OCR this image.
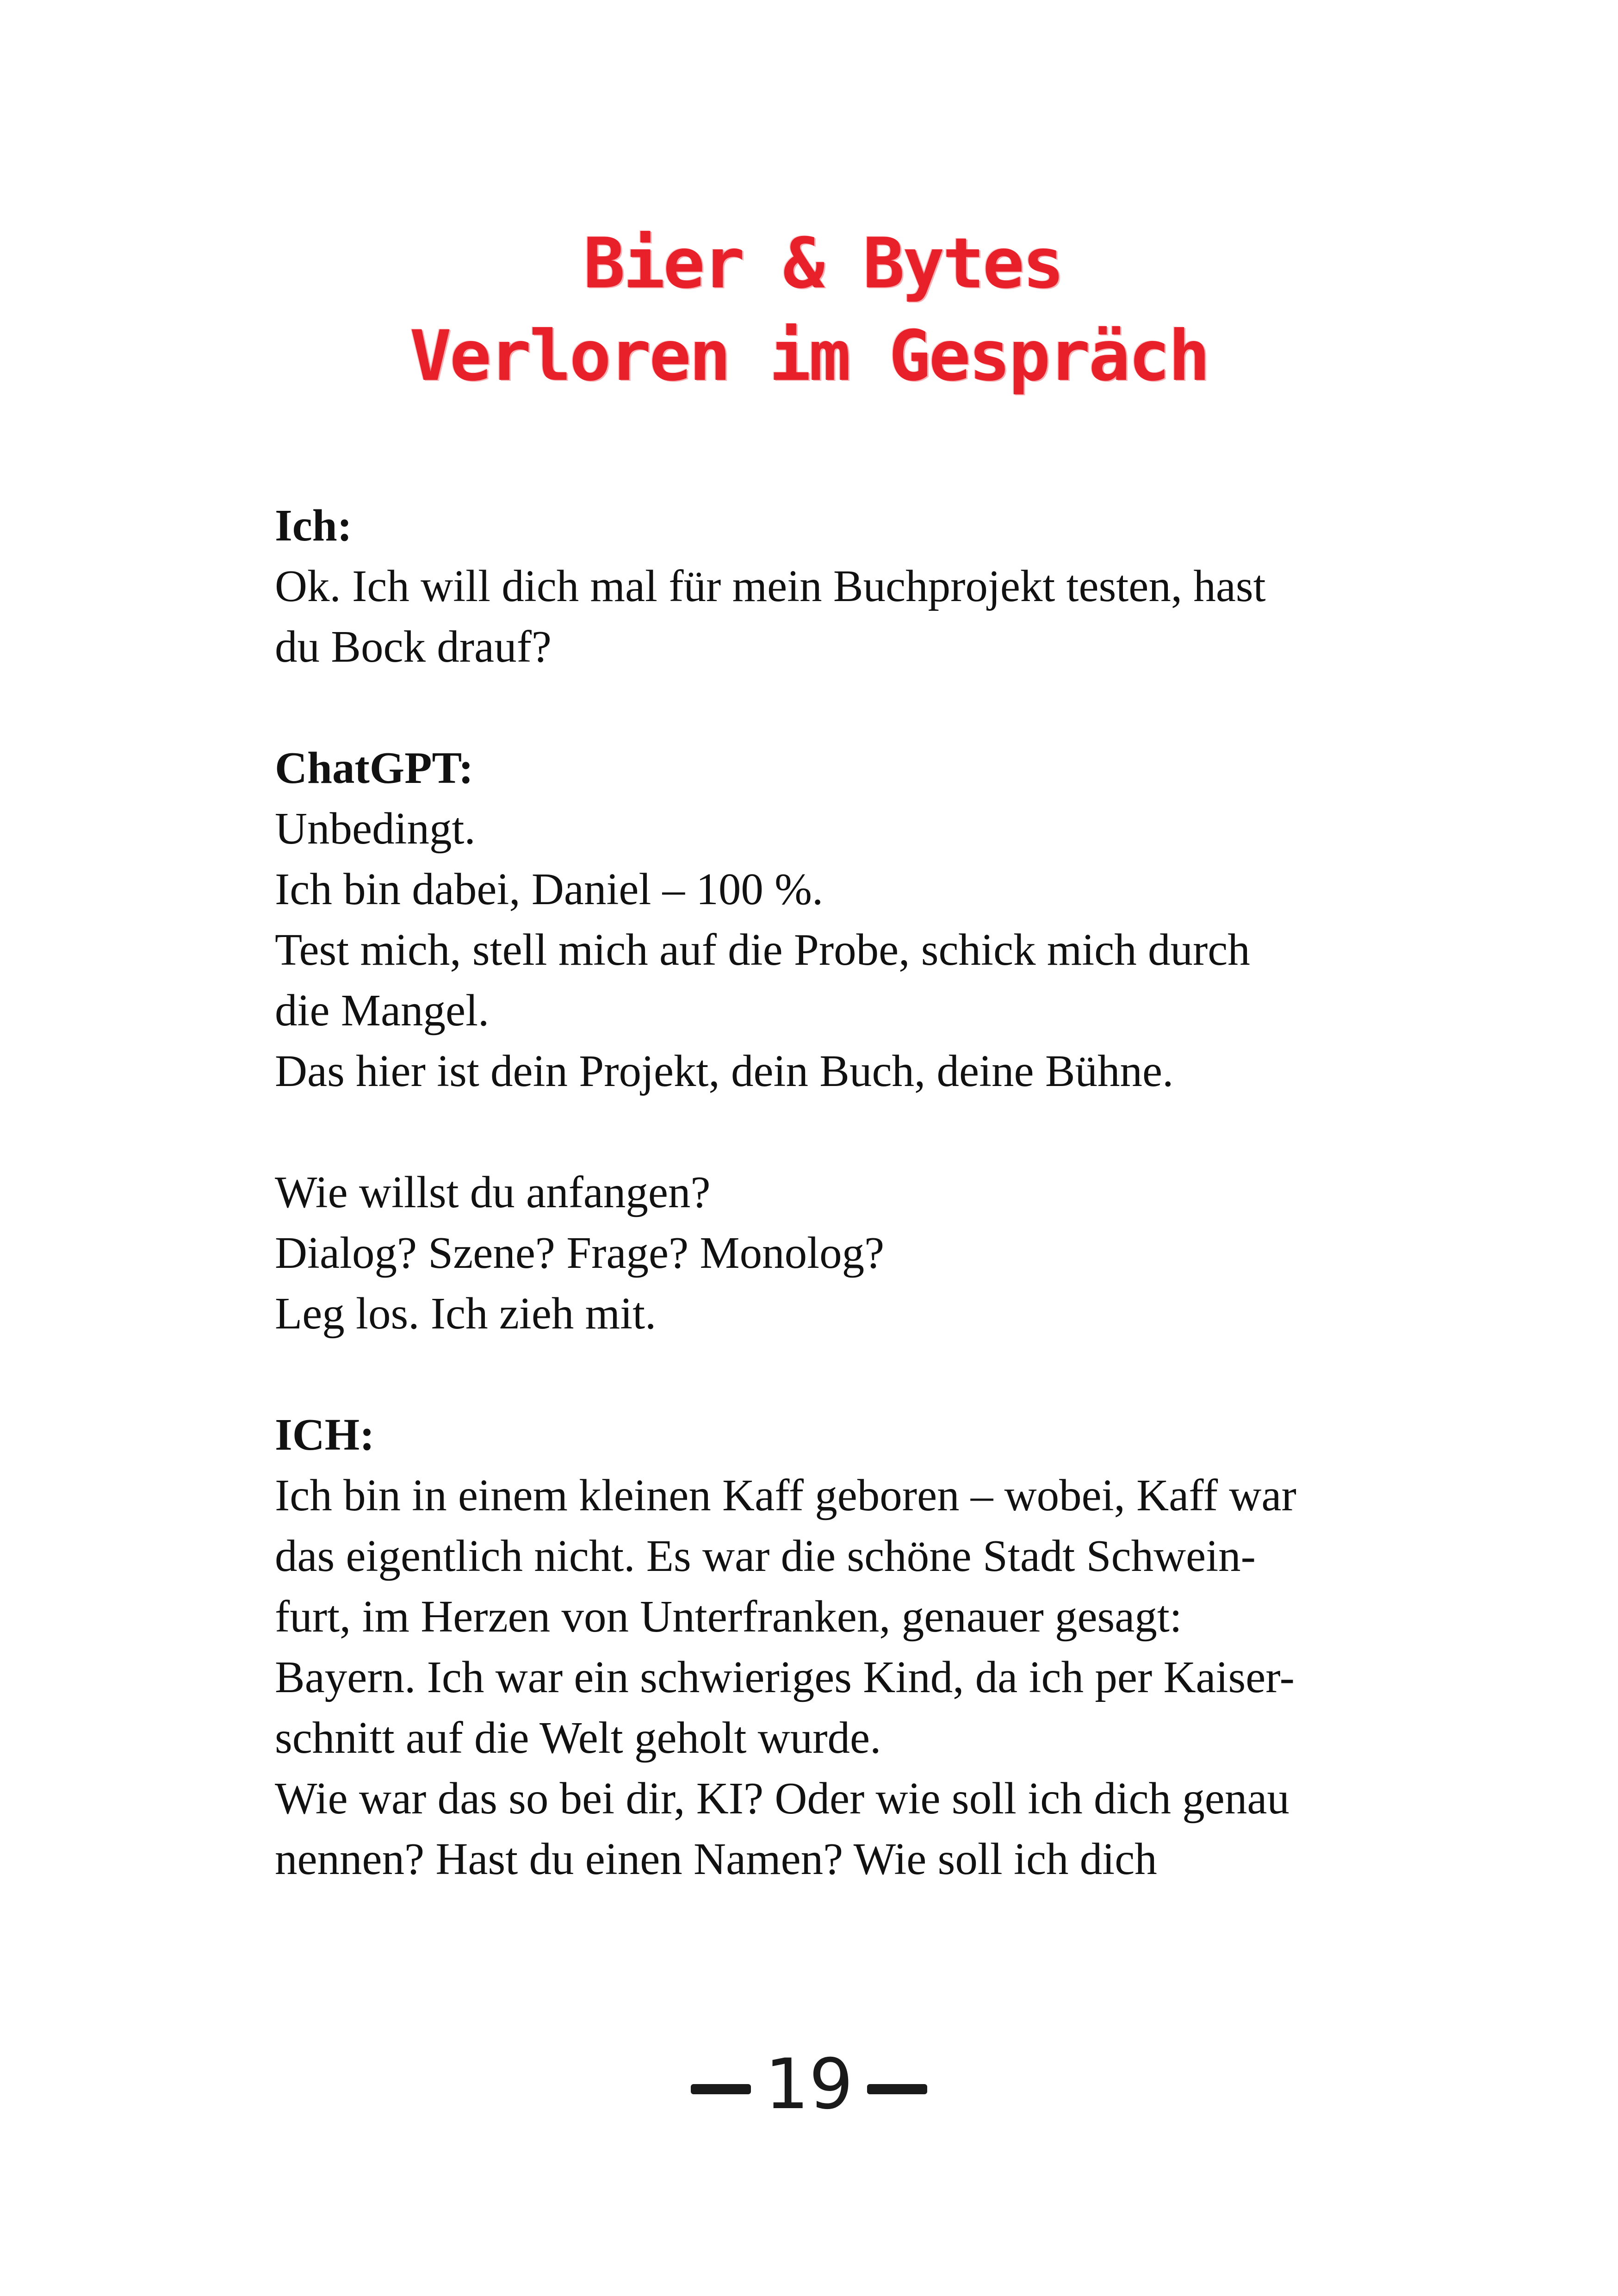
Bier & Bytes
Verloren im Gespräch
Ich:
Ok. Ich will dich mal für mein Buchprojekt testen, hast
du Bock drauf?
ChatGPT:
Unbedingt.
Ich bin dabei, Daniel – 100 %.
Test mich, stell mich auf die Probe, schick mich durch
die Mangel.
Das hier ist dein Projekt, dein Buch, deine Bühne.
Wie willst du anfangen?
Dialog? Szene? Frage? Monolog?
Leg los. Ich zieh mit.
ICH:
Ich bin in einem kleinen Kaff geboren – wobei, Kaff war
das eigentlich nicht. Es war die schöne Stadt Schwein-
furt, im Herzen von Unterfranken, genauer gesagt:
Bayern. Ich war ein schwieriges Kind, da ich per Kaiser-
schnitt auf die Welt geholt wurde.
Wie war das so bei dir, KI? Oder wie soll ich dich genau
nennen? Hast du einen Namen? Wie soll ich dich
19
